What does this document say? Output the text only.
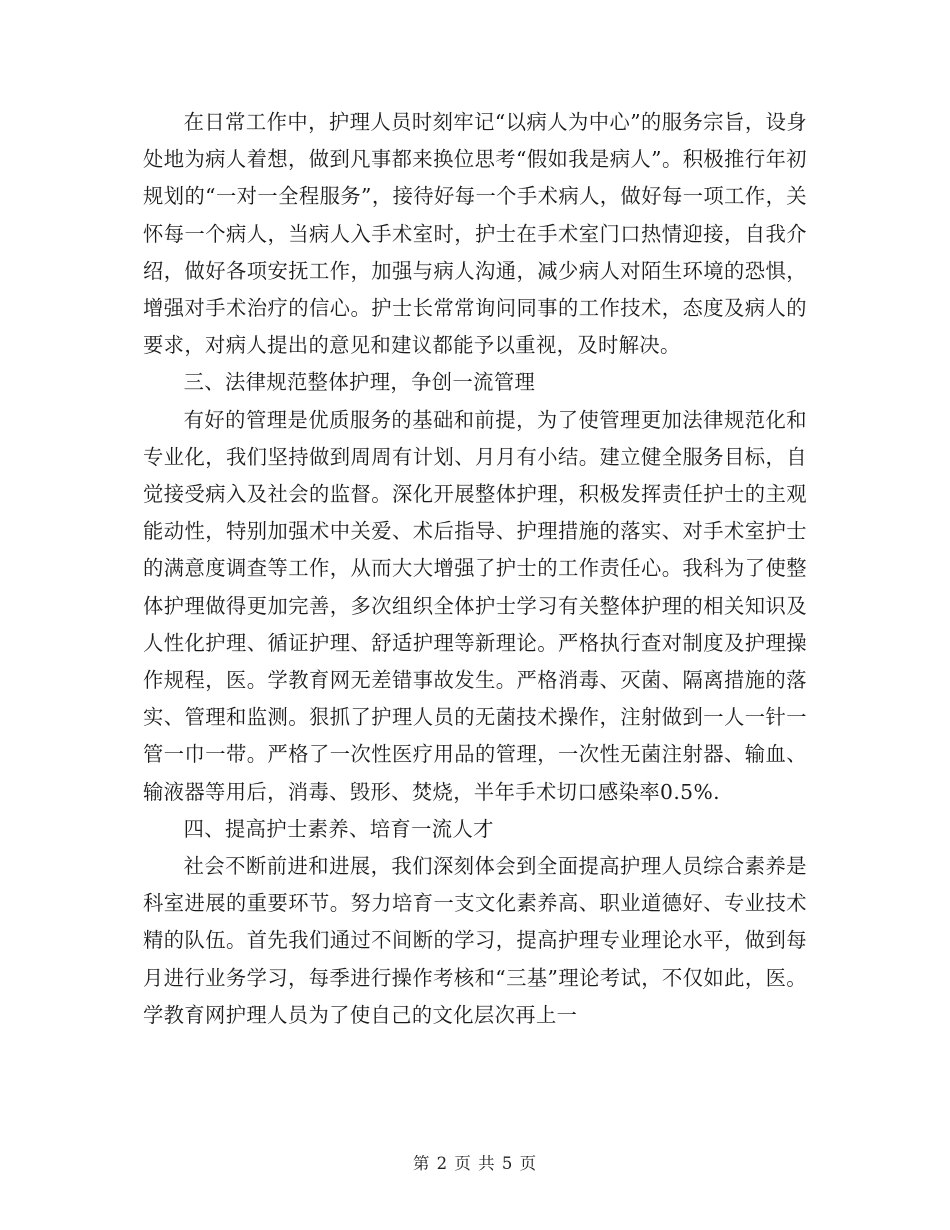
在日常工作中，护理人员时刻牢记“以病人为中心”的服务宗旨，设身处地为病人着想，做到凡事都来换位思考“假如我是病人”。积极推行年初规划的“一对一全程服务”，接待好每一个手术病人，做好每一项工作，关怀每一个病人，当病人入手术室时，护士在手术室门口热情迎接，自我介绍，做好各项安抚工作，加强与病人沟通，减少病人对陌生环境的恐惧，增强对手术治疗的信心。护士长常常询问同事的工作技术，态度及病人的要求，对病人提出的意见和建议都能予以重视，及时解决。

三、法律规范整体护理，争创一流管理

有好的管理是优质服务的基础和前提，为了使管理更加法律规范化和专业化，我们坚持做到周周有计划、月月有小结。建立健全服务目标，自觉接受病入及社会的监督。深化开展整体护理，积极发挥责任护士的主观能动性，特别加强术中关爱、术后指导、护理措施的落实、对手术室护士的满意度调查等工作，从而大大增强了护士的工作责任心。我科为了使整体护理做得更加完善，多次组织全体护士学习有关整体护理的相关知识及人性化护理、循证护理、舒适护理等新理论。严格执行查对制度及护理操作规程，医。学教育网无差错事故发生。严格消毒、灭菌、隔离措施的落实、管理和监测。狠抓了护理人员的无菌技术操作，注射做到一人一针一管一巾一带。严格了一次性医疗用品的管理，一次性无菌注射器、输血、输液器等用后，消毒、毁形、焚烧，半年手术切口感染率0.5%.

四、提高护士素养、培育一流人才

社会不断前进和进展，我们深刻体会到全面提高护理人员综合素养是科室进展的重要环节。努力培育一支文化素养高、职业道德好、专业技术精的队伍。首先我们通过不间断的学习，提高护理专业理论水平，做到每月进行业务学习，每季进行操作考核和“三基”理论考试，不仅如此，医。学教育网护理人员为了使自己的文化层次再上一

第 2 页 共 5 页
